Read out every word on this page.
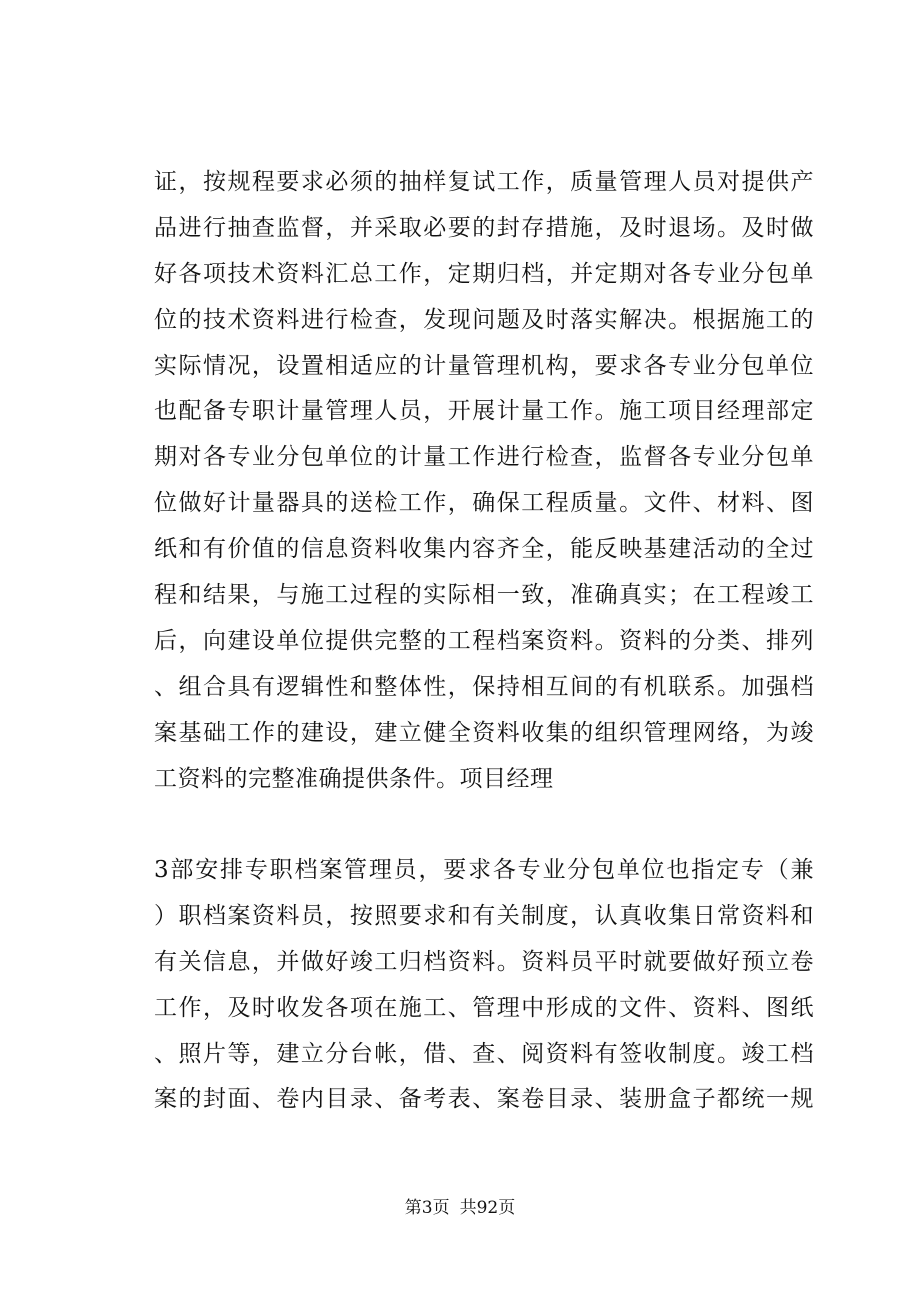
证，按规程要求必须的抽样复试工作，质量管理人员对提供产
品进行抽查监督，并采取必要的封存措施，及时退场。及时做
好各项技术资料汇总工作，定期归档，并定期对各专业分包单
位的技术资料进行检查，发现问题及时落实解决。根据施工的
实际情况，设置相适应的计量管理机构，要求各专业分包单位
也配备专职计量管理人员，开展计量工作。施工项目经理部定
期对各专业分包单位的计量工作进行检查，监督各专业分包单
位做好计量器具的送检工作，确保工程质量。文件、材料、图
纸和有价值的信息资料收集内容齐全，能反映基建活动的全过
程和结果，与施工过程的实际相一致，准确真实；在工程竣工
后，向建设单位提供完整的工程档案资料。资料的分类、排列
、组合具有逻辑性和整体性，保持相互间的有机联系。加强档
案基础工作的建设，建立健全资料收集的组织管理网络，为竣
工资料的完整准确提供条件。项目经理
3部安排专职档案管理员，要求各专业分包单位也指定专（兼
）职档案资料员，按照要求和有关制度，认真收集日常资料和
有关信息，并做好竣工归档资料。资料员平时就要做好预立卷
工作，及时收发各项在施工、管理中形成的文件、资料、图纸
、照片等，建立分台帐，借、查、阅资料有签收制度。竣工档
案的封面、卷内目录、备考表、案卷目录、装册盒子都统一规
第3页 共92页
